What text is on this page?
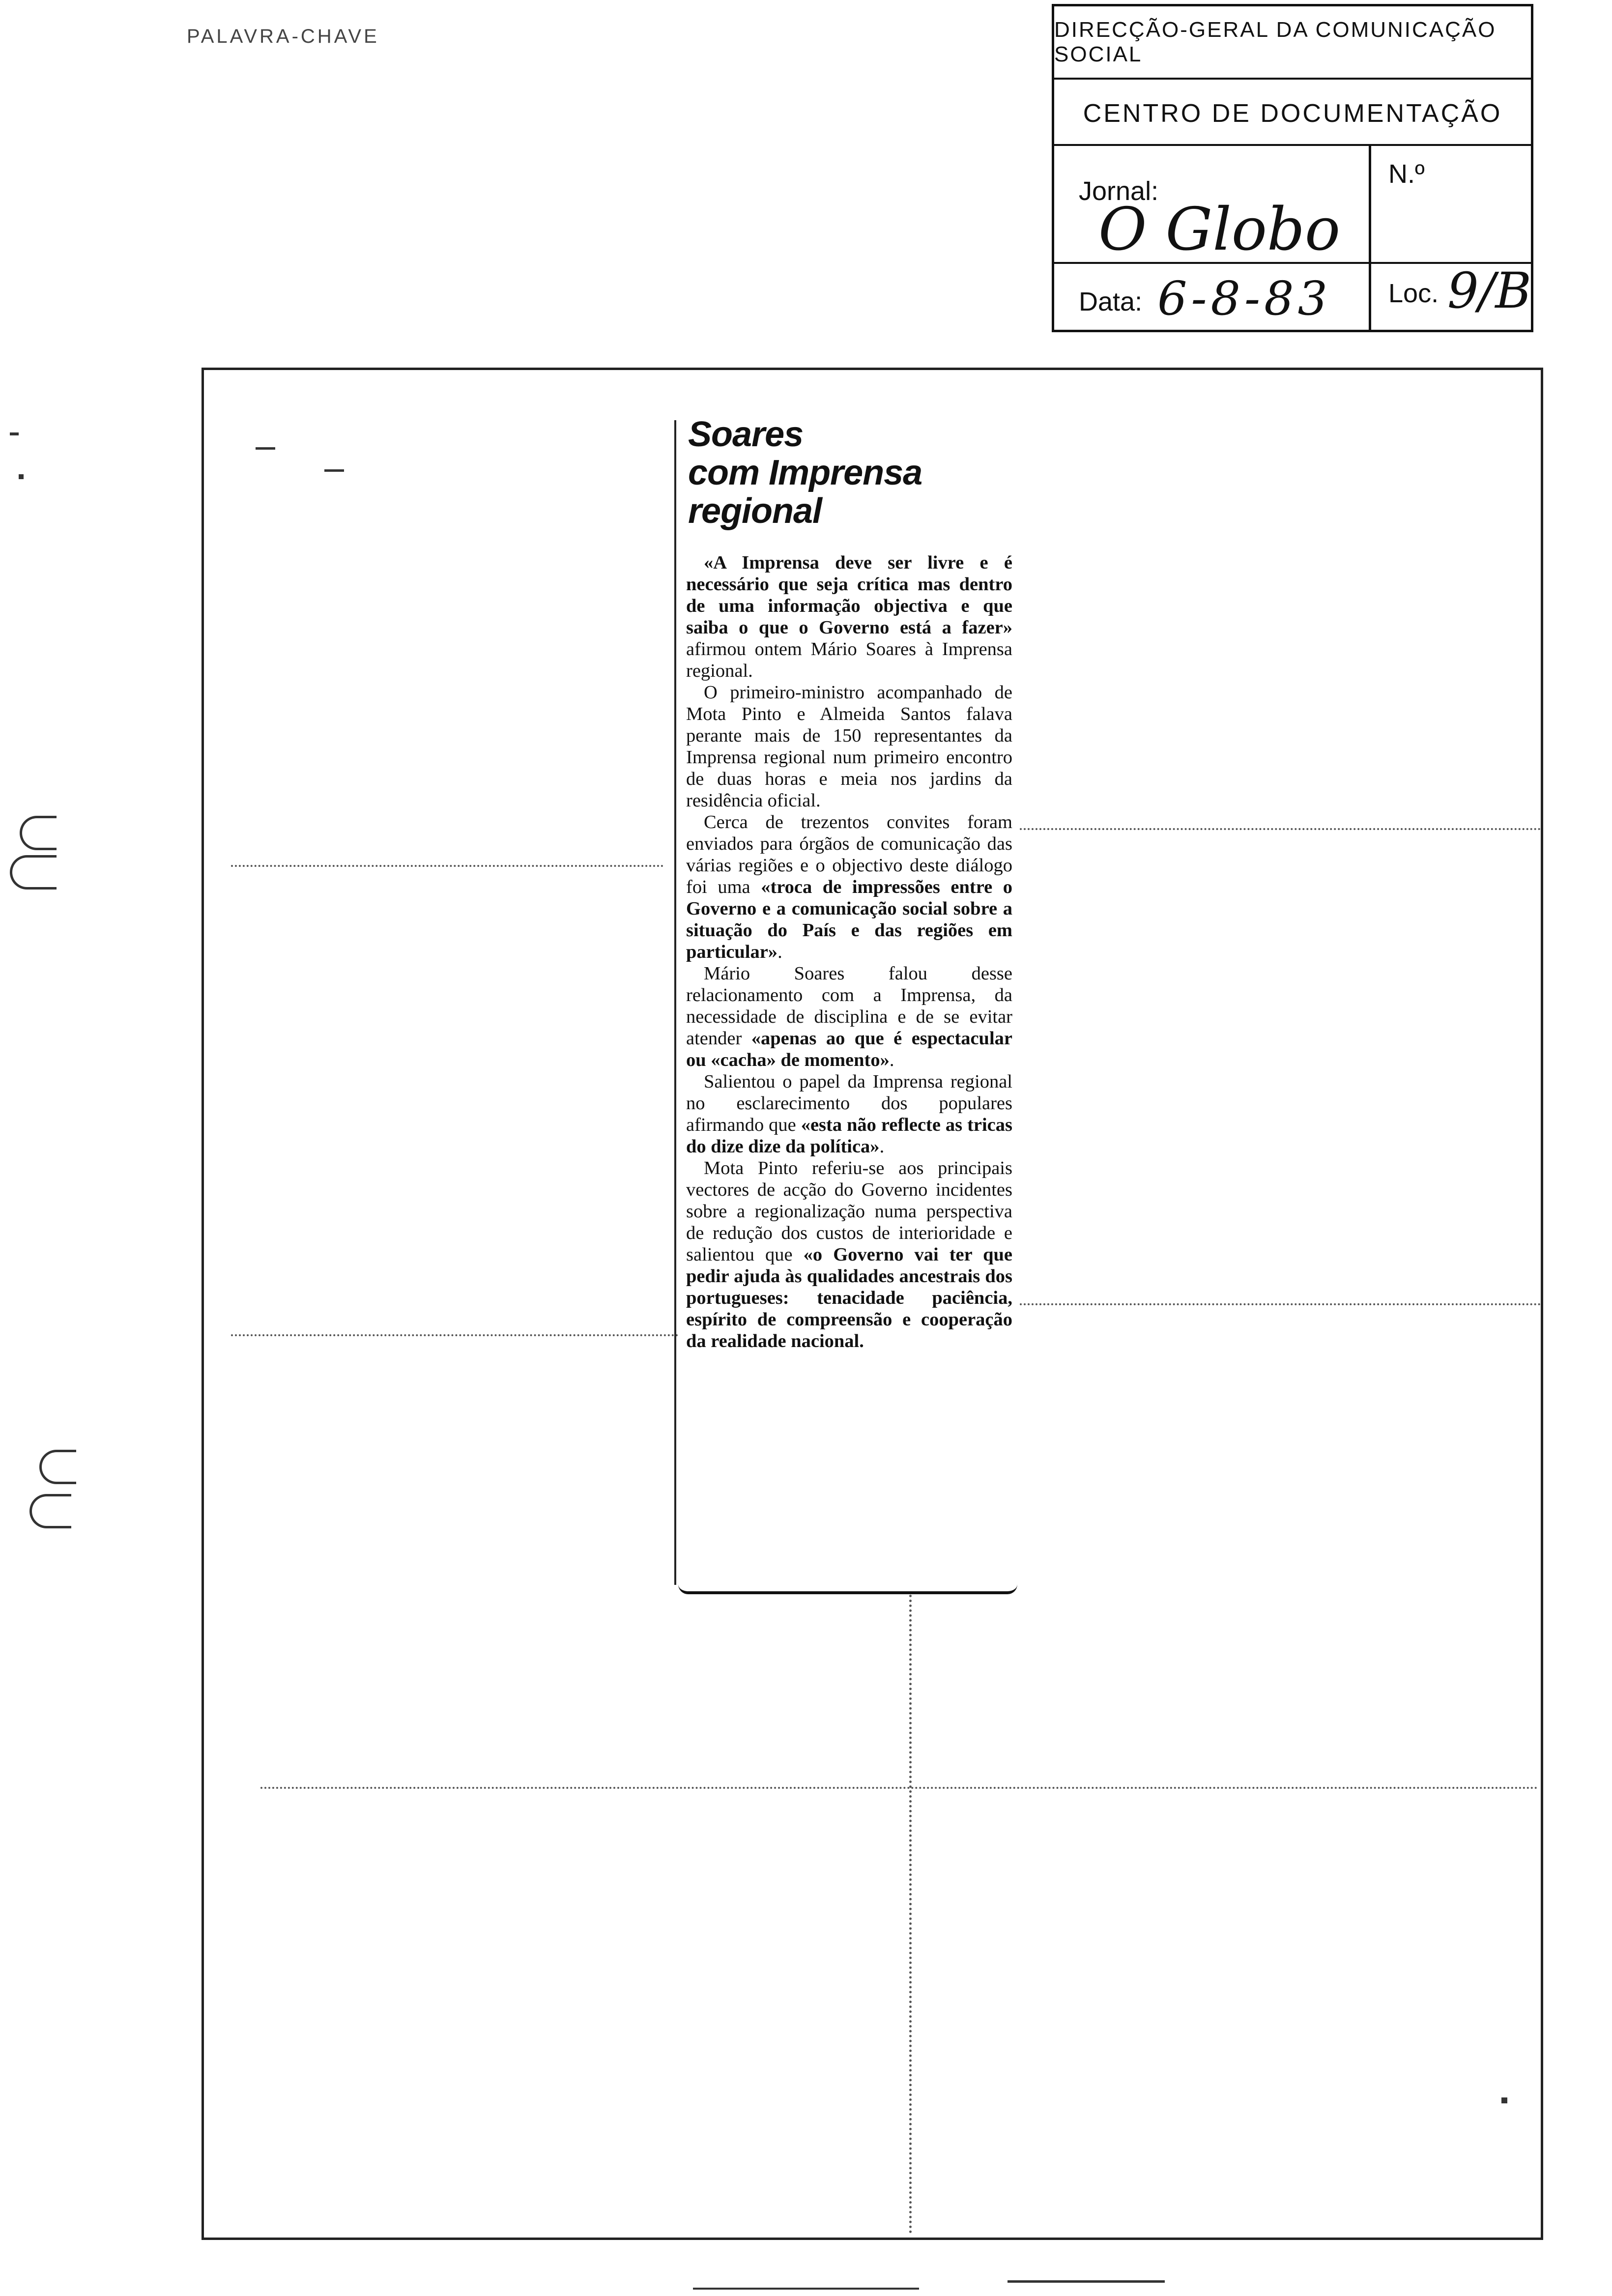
PALAVRA-CHAVE	DIRECÇÃO-GERAL DA COMUNICAÇÃO SOCIAL
CENTRO DE DOCUMENTAÇÃO
Jornal:
O Globo
N.º
Data: 6-8-83 Loc. 9/B
Soares
com Imprensa
regional

«A Imprensa deve ser livre e é necessário que seja crítica mas dentro de uma informação objectiva e que saiba o que o Governo está a fazer» afirmou ontem Mário Soares à Imprensa regional.

O primeiro-ministro acompanhado de Mota Pinto e Almeida Santos falava perante mais de 150 representantes da Imprensa regional num primeiro encontro de duas horas e meia nos jardins da residência oficial.

Cerca de trezentos convites foram enviados para órgãos de comunicação das várias regiões e o objectivo deste diálogo foi uma «troca de impressões entre o Governo e a comunicação social sobre a situação do País e das regiões em particular».

Mário Soares falou desse relacionamento com a Imprensa, da necessidade de disciplina e de se evitar atender «apenas ao que é espectacular ou «cacha» de momento».

Salientou o papel da Imprensa regional no esclarecimento dos populares afirmando que «esta não reflecte as tricas do dize dize da política».

Mota Pinto referiu-se aos principais vectores de acção do Governo incidentes sobre a regionalização numa perspectiva de redução dos custos de interioridade e salientou que «o Governo vai ter que pedir ajuda às qualidades ancestrais dos portugueses: tenacidade paciência, espírito de compreensão e cooperação da realidade nacional.
